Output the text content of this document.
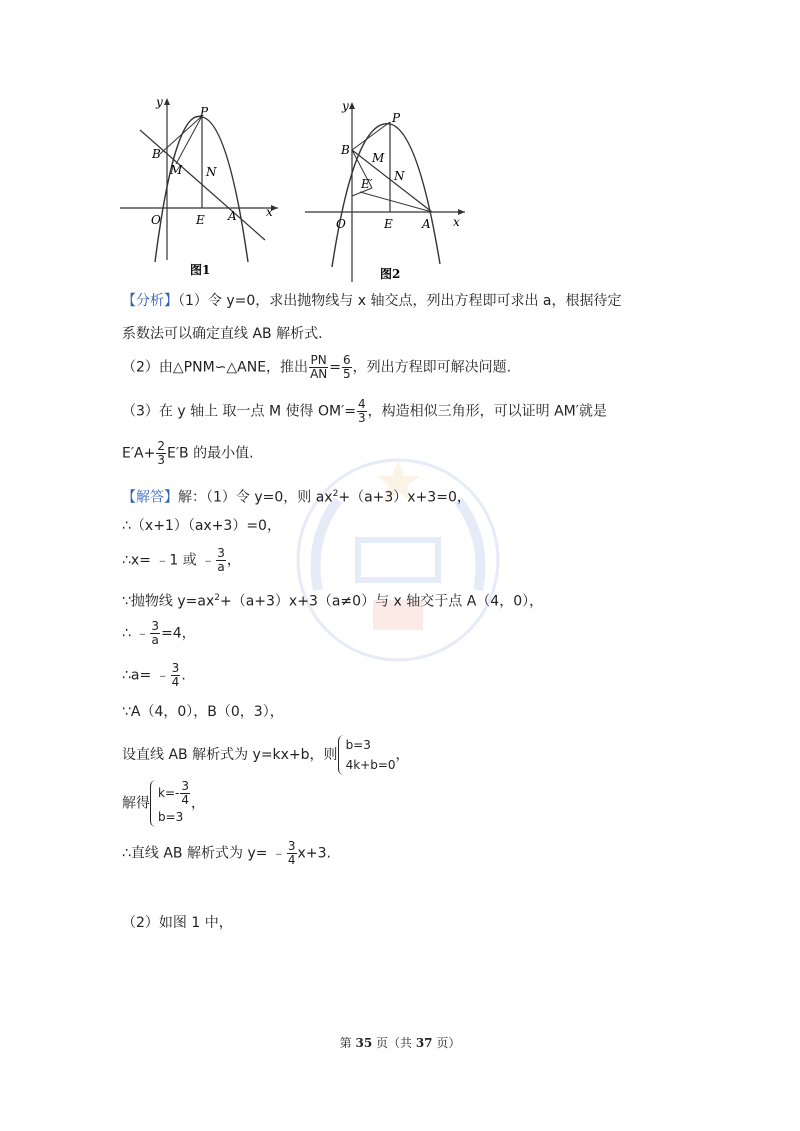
y
x
P
B
M N
O	E A
图1
y
x
P
B
M
N
E′
O	E A
图2
【分析】（1）令 y=0，求出抛物线与 x 轴交点，列出方程即可求出 a，根据待定
系数法可以确定直线 AB 解析式.
（2）由△PNM∽△ANE，推出 $\frac{PN}{AN} = \frac{6}{5}$ ，列出方程即可解决问题.
（3）在 y 轴上 取一点 M 使得 $OM'= \frac{4}{3}$ ，构造相似三角形，可以证明 AM′就是
$E'A+ \frac{2}{3} E'B$ 的最小值.
【解答】解：（1）令 y=0，则 $ax^2+(a+3)x+3=0$，
∴（x+1）（ax+3）=0，
∴x= ﹣1 或 ﹣ $\frac{3}{a}$ ，
∵抛物线 $y=ax^2+(a+3)x+3(a\ne 0)$与 x 轴交于点 A（4，0），
∴ ﹣ $\frac{3}{a} =4$，
∴a= ﹣ $\frac{3}{4}$ .
∵A（4，0），B（0，3），
设直线 AB 解析式为 y=kx+b，则
b=3
4k+b=0
，
解得
$k=- \frac{3}{4}$
b=3
，
∴直线 AB 解析式为 y= ﹣ $\frac{3}{4} x+3$.
（2）如图 1 中，
第 35 页（共 37 页）
